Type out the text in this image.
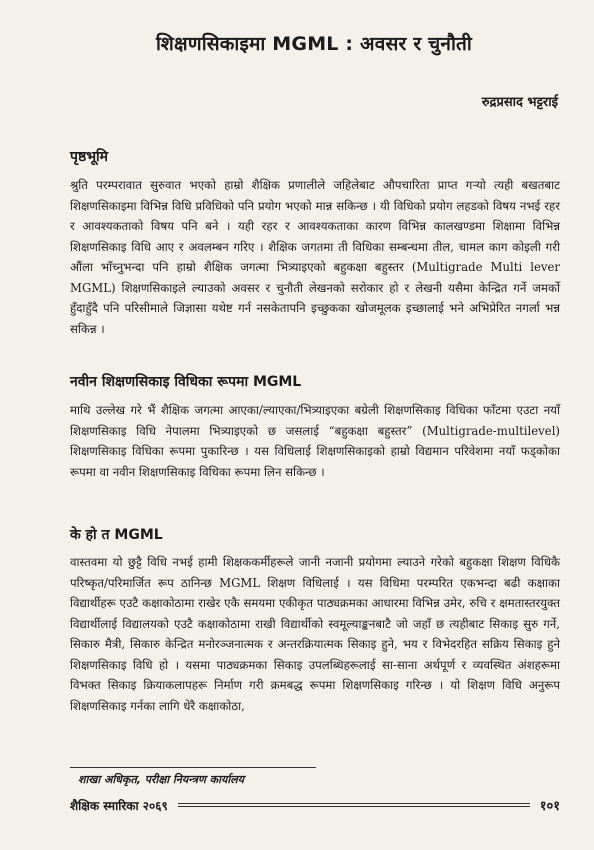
शिक्षणसिकाइमा MGML : अवसर र चुनौती
रुद्रप्रसाद भट्टराई
पृष्ठभूमि
श्रुति परम्परावात सुरुवात भएको हाम्रो शैक्षिक प्रणालीले जहिलेबाट औपचारिता प्राप्त गर्‍यो त्यही बखतबाट शिक्षणसिकाइमा विभिन्न विधि प्रविधिको पनि प्रयोग भएको मान्न सकिन्छ । यी विधिको प्रयोग लहडको विषय नभई रहर र आवश्यकताको विषय पनि बने । यही रहर र आवश्यकताका कारण विभिन्न कालखण्डमा शिक्षामा विभिन्न शिक्षणसिकाइ विधि आए र अवलम्बन गरिए । शैक्षिक जगतमा ती विधिका सम्बन्धमा तील, चामल काग कोइली गरी औंला भाँच्नुभन्दा पनि हाम्रो शैक्षिक जगत्मा भित्र्याइएको बहुकक्षा बहुस्तर (Multigrade Multi lever MGML) शिक्षणसिकाइले ल्याउको अवसर र चुनौती लेखनको सरोकार हो र लेखनी यसैमा केन्द्रित गर्ने जमर्को हुँदाहुँदै पनि परिसीमाले जिज्ञासा यथेष्ट गर्न नसकेतापनि इच्छुकका खोजमूलक इच्छालाई भने अभिप्रेरित नगर्ला भन्न सकिन्न ।
नवीन शिक्षणसिकाइ विधिका रूपमा MGML
माथि उल्लेख गरे भैं शैक्षिक जगत्मा आएका/ल्याएका/भित्र्याइएका बग्रेली शिक्षणसिकाइ विधिका फाँटमा एउटा नयाँ शिक्षणसिकाइ विधि नेपालमा भित्र्याइएको छ जसलाई “बहुकक्षा बहुस्तर” (Multigrade-multilevel) शिक्षणसिकाइ विधिका रूपमा पुकारिन्छ । यस विधिलाई शिक्षणसिकाइको हाम्रो विद्यमान परिवेशमा नयाँ फड्कोका रूपमा वा नवीन शिक्षणसिकाइ विधिका रूपमा लिन सकिन्छ ।
के हो त MGML
वास्तवमा यो छुट्टै विधि नभई हामी शिक्षककर्मीहरूले जानी नजानी प्रयोगमा ल्याउने गरेको बहुकक्षा शिक्षण विधिकै परिष्कृत/परिमार्जित रूप ठानिन्छ MGML शिक्षण विधिलाई । यस विधिमा परम्परित एकभन्दा बढी कक्षाका विद्यार्थीहरू एउटै कक्षाकोठामा राखेर एकै समयमा एकीकृत पाठ्यक्रमका आधारमा विभिन्न उमेर, रुचि र क्षमतास्तरयुक्त विद्यार्थीलाई विद्यालयको एउटै कक्षाकोठामा राखी विद्यार्थीको स्वमूल्याङ्कनबाटै जो जहाँ छ त्यहीबाट सिकाइ सुरु गर्ने, सिकारु मैत्री, सिकारु केन्द्रित मनोरञ्जनात्मक र अन्तरक्रियात्मक सिकाइ हुने, भय र विभेदरहित सक्रिय सिकाइ हुने शिक्षणसिकाइ विधि हो । यसमा पाठ्यक्रमका सिकाइ उपलब्धिहरूलाई सा-साना अर्थपूर्ण र व्यवस्थित अंशहरूमा विभक्त सिकाइ क्रियाकलापहरू निर्माण गरी क्रमबद्ध रूपमा शिक्षणसिकाइ गरिन्छ । यो शिक्षण विधि अनुरूप शिक्षणसिकाइ गर्नका लागि धेरै कक्षाकोठा,
शाखा अधिकृत, परीक्षा नियन्त्रण कार्यालय
शैक्षिक स्मारिका २०६९	१०१
